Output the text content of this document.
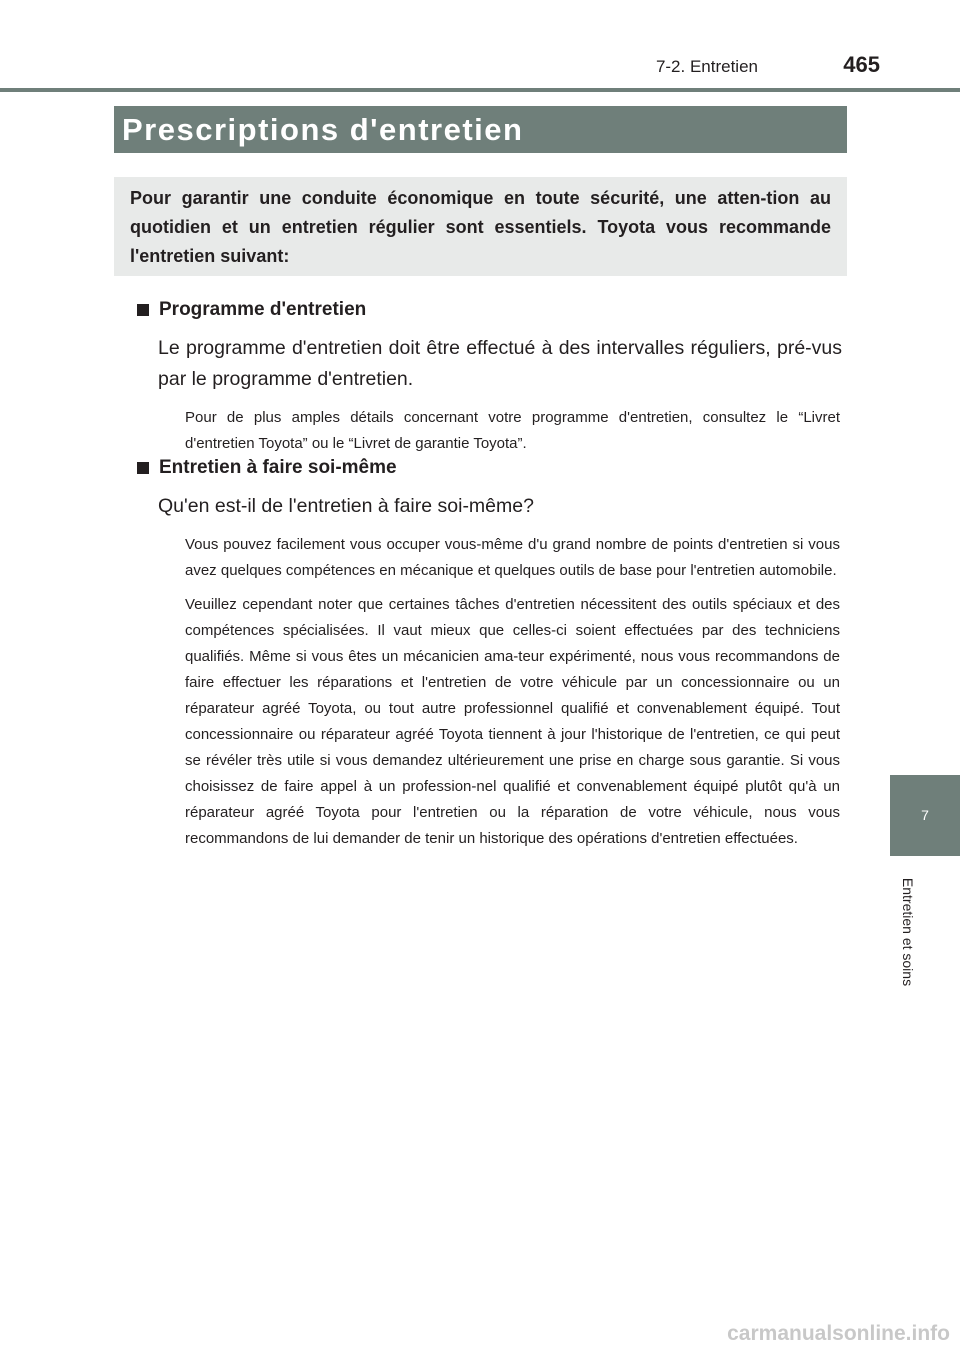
7-2. Entretien	465
Prescriptions d'entretien
Pour garantir une conduite économique en toute sécurité, une atten-tion au quotidien et un entretien régulier sont essentiels. Toyota vous recommande l'entretien suivant:
Programme d'entretien
Le programme d'entretien doit être effectué à des intervalles réguliers, pré-vus par le programme d'entretien.
Pour de plus amples détails concernant votre programme d'entretien, consultez le “Livret d'entretien Toyota” ou le “Livret de garantie Toyota”.
Entretien à faire soi-même
Qu'en est-il de l'entretien à faire soi-même?
Vous pouvez facilement vous occuper vous-même d'u grand nombre de points d'entretien si vous avez quelques compétences en mécanique et quelques outils de base pour l'entretien automobile.
Veuillez cependant noter que certaines tâches d'entretien nécessitent des outils spéciaux et des compétences spécialisées. Il vaut mieux que celles-ci soient effectuées par des techniciens qualifiés. Même si vous êtes un mécanicien ama-teur expérimenté, nous vous recommandons de faire effectuer les réparations et l'entretien de votre véhicule par un concessionnaire ou un réparateur agréé Toyota, ou tout autre professionnel qualifié et convenablement équipé. Tout concessionnaire ou réparateur agréé Toyota tiennent à jour l'historique de l'entretien, ce qui peut se révéler très utile si vous demandez ultérieurement une prise en charge sous garantie. Si vous choisissez de faire appel à un profession-nel qualifié et convenablement équipé plutôt qu'à un réparateur agréé Toyota pour l'entretien ou la réparation de votre véhicule, nous vous recommandons de lui demander de tenir un historique des opérations d'entretien effectuées.
7
Entretien et soins
carmanualsonline.info
